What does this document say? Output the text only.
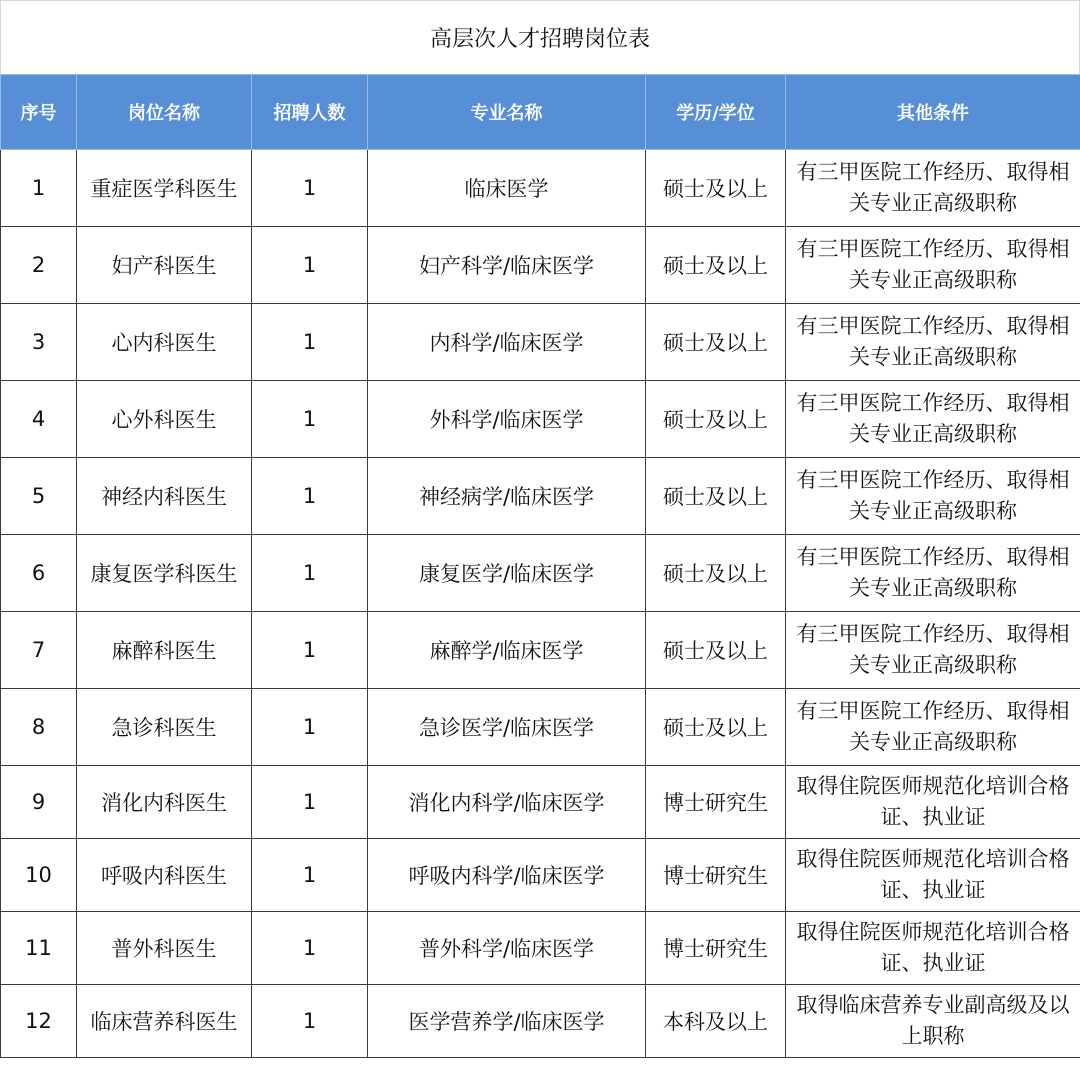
高层次人才招聘岗位表
序号	岗位名称	招聘人数	专业名称	学历/学位	其他条件
1	重症医学科医生	1	临床医学	硕士及以上	有三甲医院工作经历、取得相关专业正高级职称
2	妇产科医生	1	妇产科学/临床医学	硕士及以上	有三甲医院工作经历、取得相关专业正高级职称
3	心内科医生	1	内科学/临床医学	硕士及以上	有三甲医院工作经历、取得相关专业正高级职称
4	心外科医生	1	外科学/临床医学	硕士及以上	有三甲医院工作经历、取得相关专业正高级职称
5	神经内科医生	1	神经病学/临床医学	硕士及以上	有三甲医院工作经历、取得相关专业正高级职称
6	康复医学科医生	1	康复医学/临床医学	硕士及以上	有三甲医院工作经历、取得相关专业正高级职称
7	麻醉科医生	1	麻醉学/临床医学	硕士及以上	有三甲医院工作经历、取得相关专业正高级职称
8	急诊科医生	1	急诊医学/临床医学	硕士及以上	有三甲医院工作经历、取得相关专业正高级职称
9	消化内科医生	1	消化内科学/临床医学	博士研究生	取得住院医师规范化培训合格证、执业证
10	呼吸内科医生	1	呼吸内科学/临床医学	博士研究生	取得住院医师规范化培训合格证、执业证
11	普外科医生	1	普外科学/临床医学	博士研究生	取得住院医师规范化培训合格证、执业证
12	临床营养科医生	1	医学营养学/临床医学	本科及以上	取得临床营养专业副高级及以上职称
